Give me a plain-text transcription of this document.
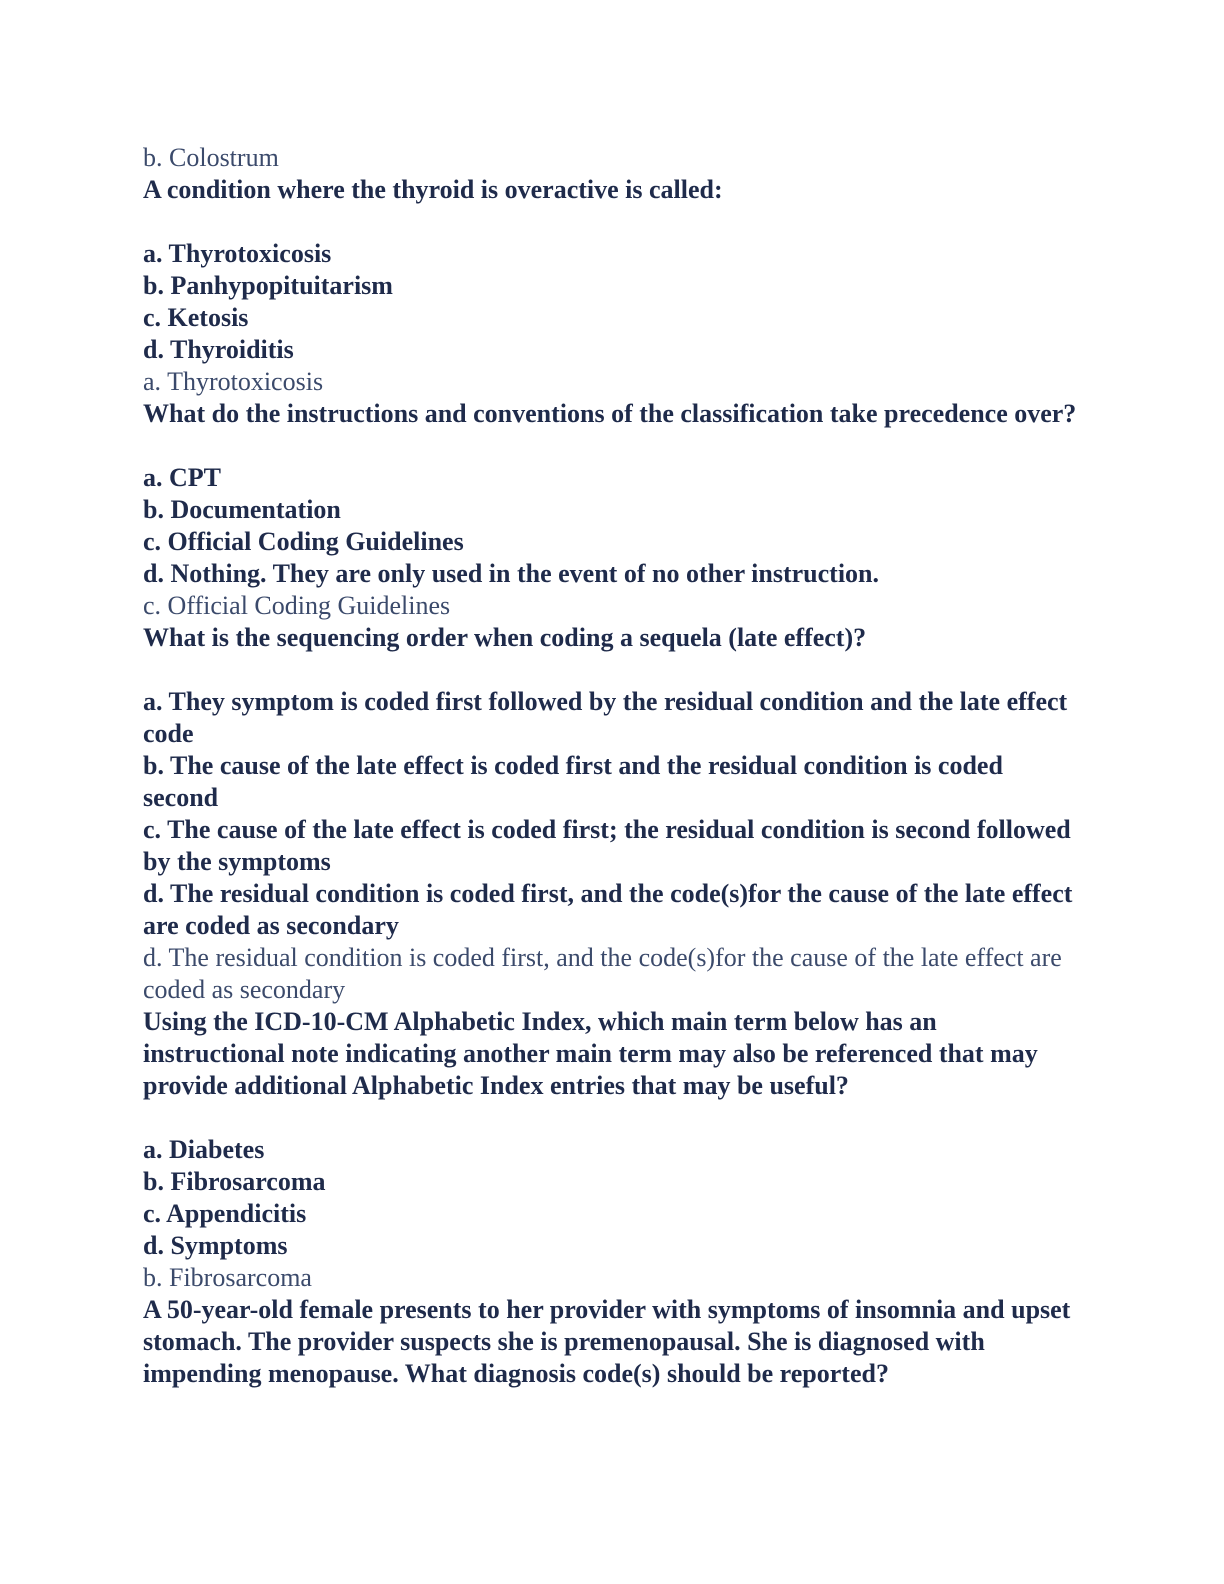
b. Colostrum

A condition where the thyroid is overactive is called:

a. Thyrotoxicosis

b. Panhypopituitarism

c. Ketosis

d. Thyroiditis

a. Thyrotoxicosis

What do the instructions and conventions of the classification take precedence over?

a. CPT

b. Documentation

c. Official Coding Guidelines

d. Nothing. They are only used in the event of no other instruction.

c. Official Coding Guidelines

What is the sequencing order when coding a sequela (late effect)?

a. They symptom is coded first followed by the residual condition and the late effect code

b. The cause of the late effect is coded first and the residual condition is coded second

c. The cause of the late effect is coded first; the residual condition is second followed by the symptoms

d. The residual condition is coded first, and the code(s)for the cause of the late effect are coded as secondary

d. The residual condition is coded first, and the code(s)for the cause of the late effect are coded as secondary

Using the ICD-10-CM Alphabetic Index, which main term below has an instructional note indicating another main term may also be referenced that may provide additional Alphabetic Index entries that may be useful?

a. Diabetes

b. Fibrosarcoma

c. Appendicitis

d. Symptoms

b. Fibrosarcoma

A 50-year-old female presents to her provider with symptoms of insomnia and upset stomach. The provider suspects she is premenopausal. She is diagnosed with impending menopause. What diagnosis code(s) should be reported?
